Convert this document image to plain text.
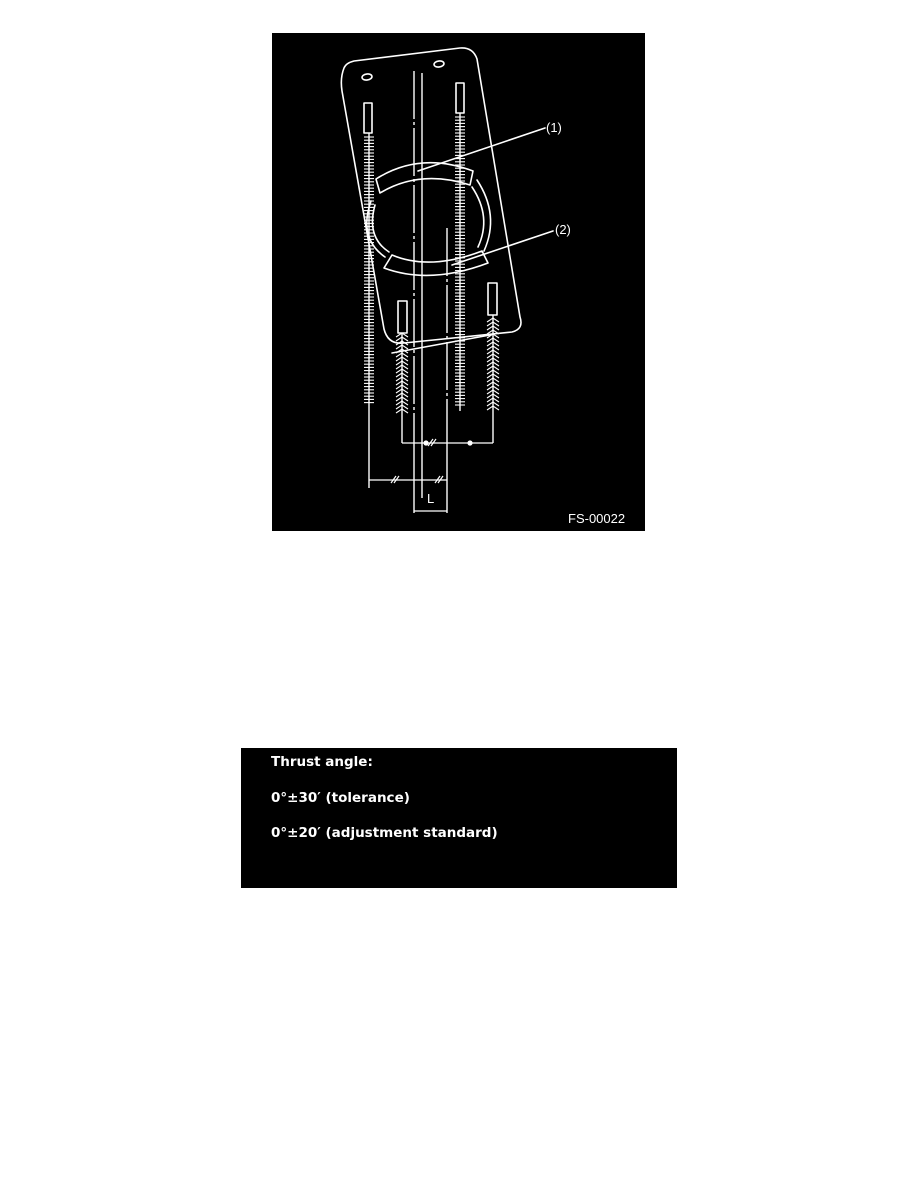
(1)
(2)
L
FS-00022
Thrust angle:
0°±30′ (tolerance)
0°±20′ (adjustment standard)
